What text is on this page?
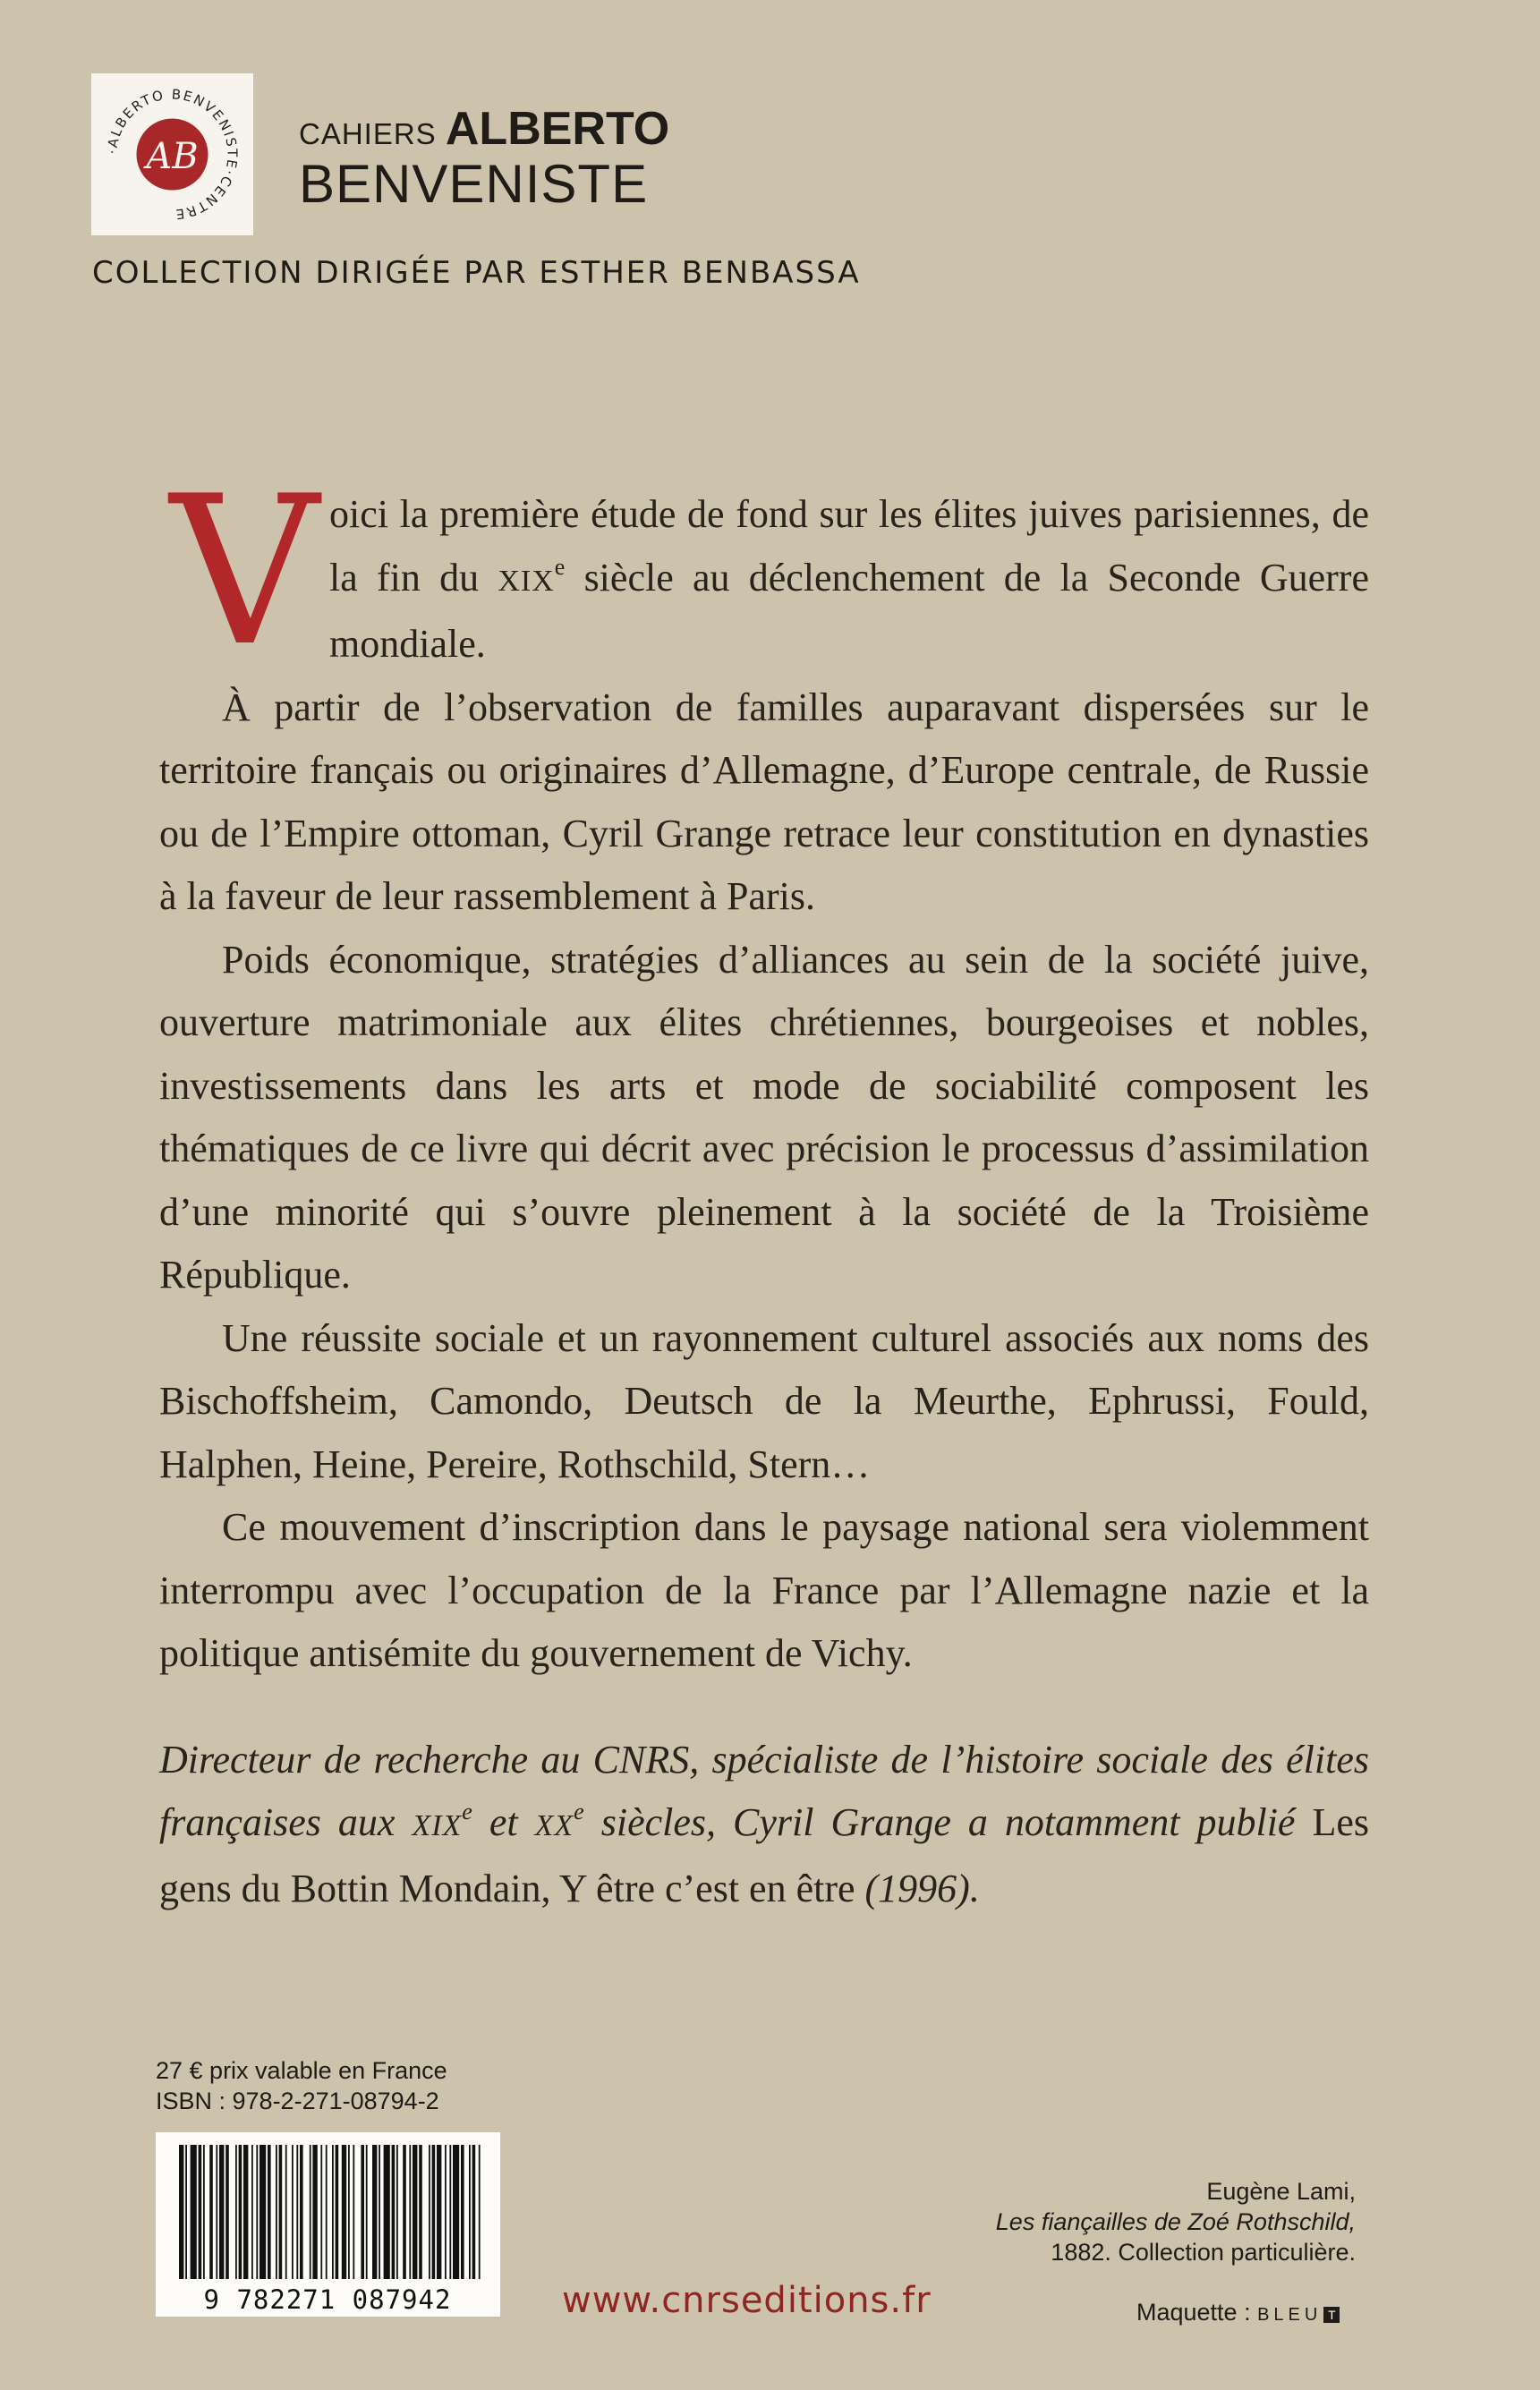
·ALBERTO BENVENISTE·CENTRE
AB
CAHIERS ALBERTO
BENVENISTE
COLLECTION DIRIGÉE PAR ESTHER BENBASSA
V oici la première étude de fond sur les élites juives parisiennes, de la fin du XIXe siècle au déclenchement de la Seconde Guerre mondiale.

À partir de l’observation de familles auparavant dispersées sur le territoire français ou originaires d’Allemagne, d’Europe centrale, de Russie ou de l’Empire ottoman, Cyril Grange retrace leur constitution en dynasties à la faveur de leur rassemblement à Paris.

Poids économique, stratégies d’alliances au sein de la société juive, ouverture matrimoniale aux élites chrétiennes, bourgeoises et nobles, investissements dans les arts et mode de sociabilité composent les thématiques de ce livre qui décrit avec précision le processus d’assimilation d’une minorité qui s’ouvre pleinement à la société de la Troisième République.

Une réussite sociale et un rayonnement culturel associés aux noms des Bischoffsheim, Camondo, Deutsch de la Meurthe, Ephrussi, Fould, Halphen, Heine, Pereire, Rothschild, Stern…

Ce mouvement d’inscription dans le paysage national sera violemment interrompu avec l’occupation de la France par l’Allemagne nazie et la politique antisémite du gouvernement de Vichy.

Directeur de recherche au CNRS, spécialiste de l’histoire sociale des élites françaises aux XIXe et XXe siècles, Cyril Grange a notamment publié Les gens du Bottin Mondain, Y être c’est en être (1996).
27 € prix valable en France
ISBN : 978-2-271-08794-2
9 782271 087942
Eugène Lami,
Les fiançailles de Zoé Rothschild,
1882. Collection particulière.
www.cnrseditions.fr	Maquette : BLEU T
